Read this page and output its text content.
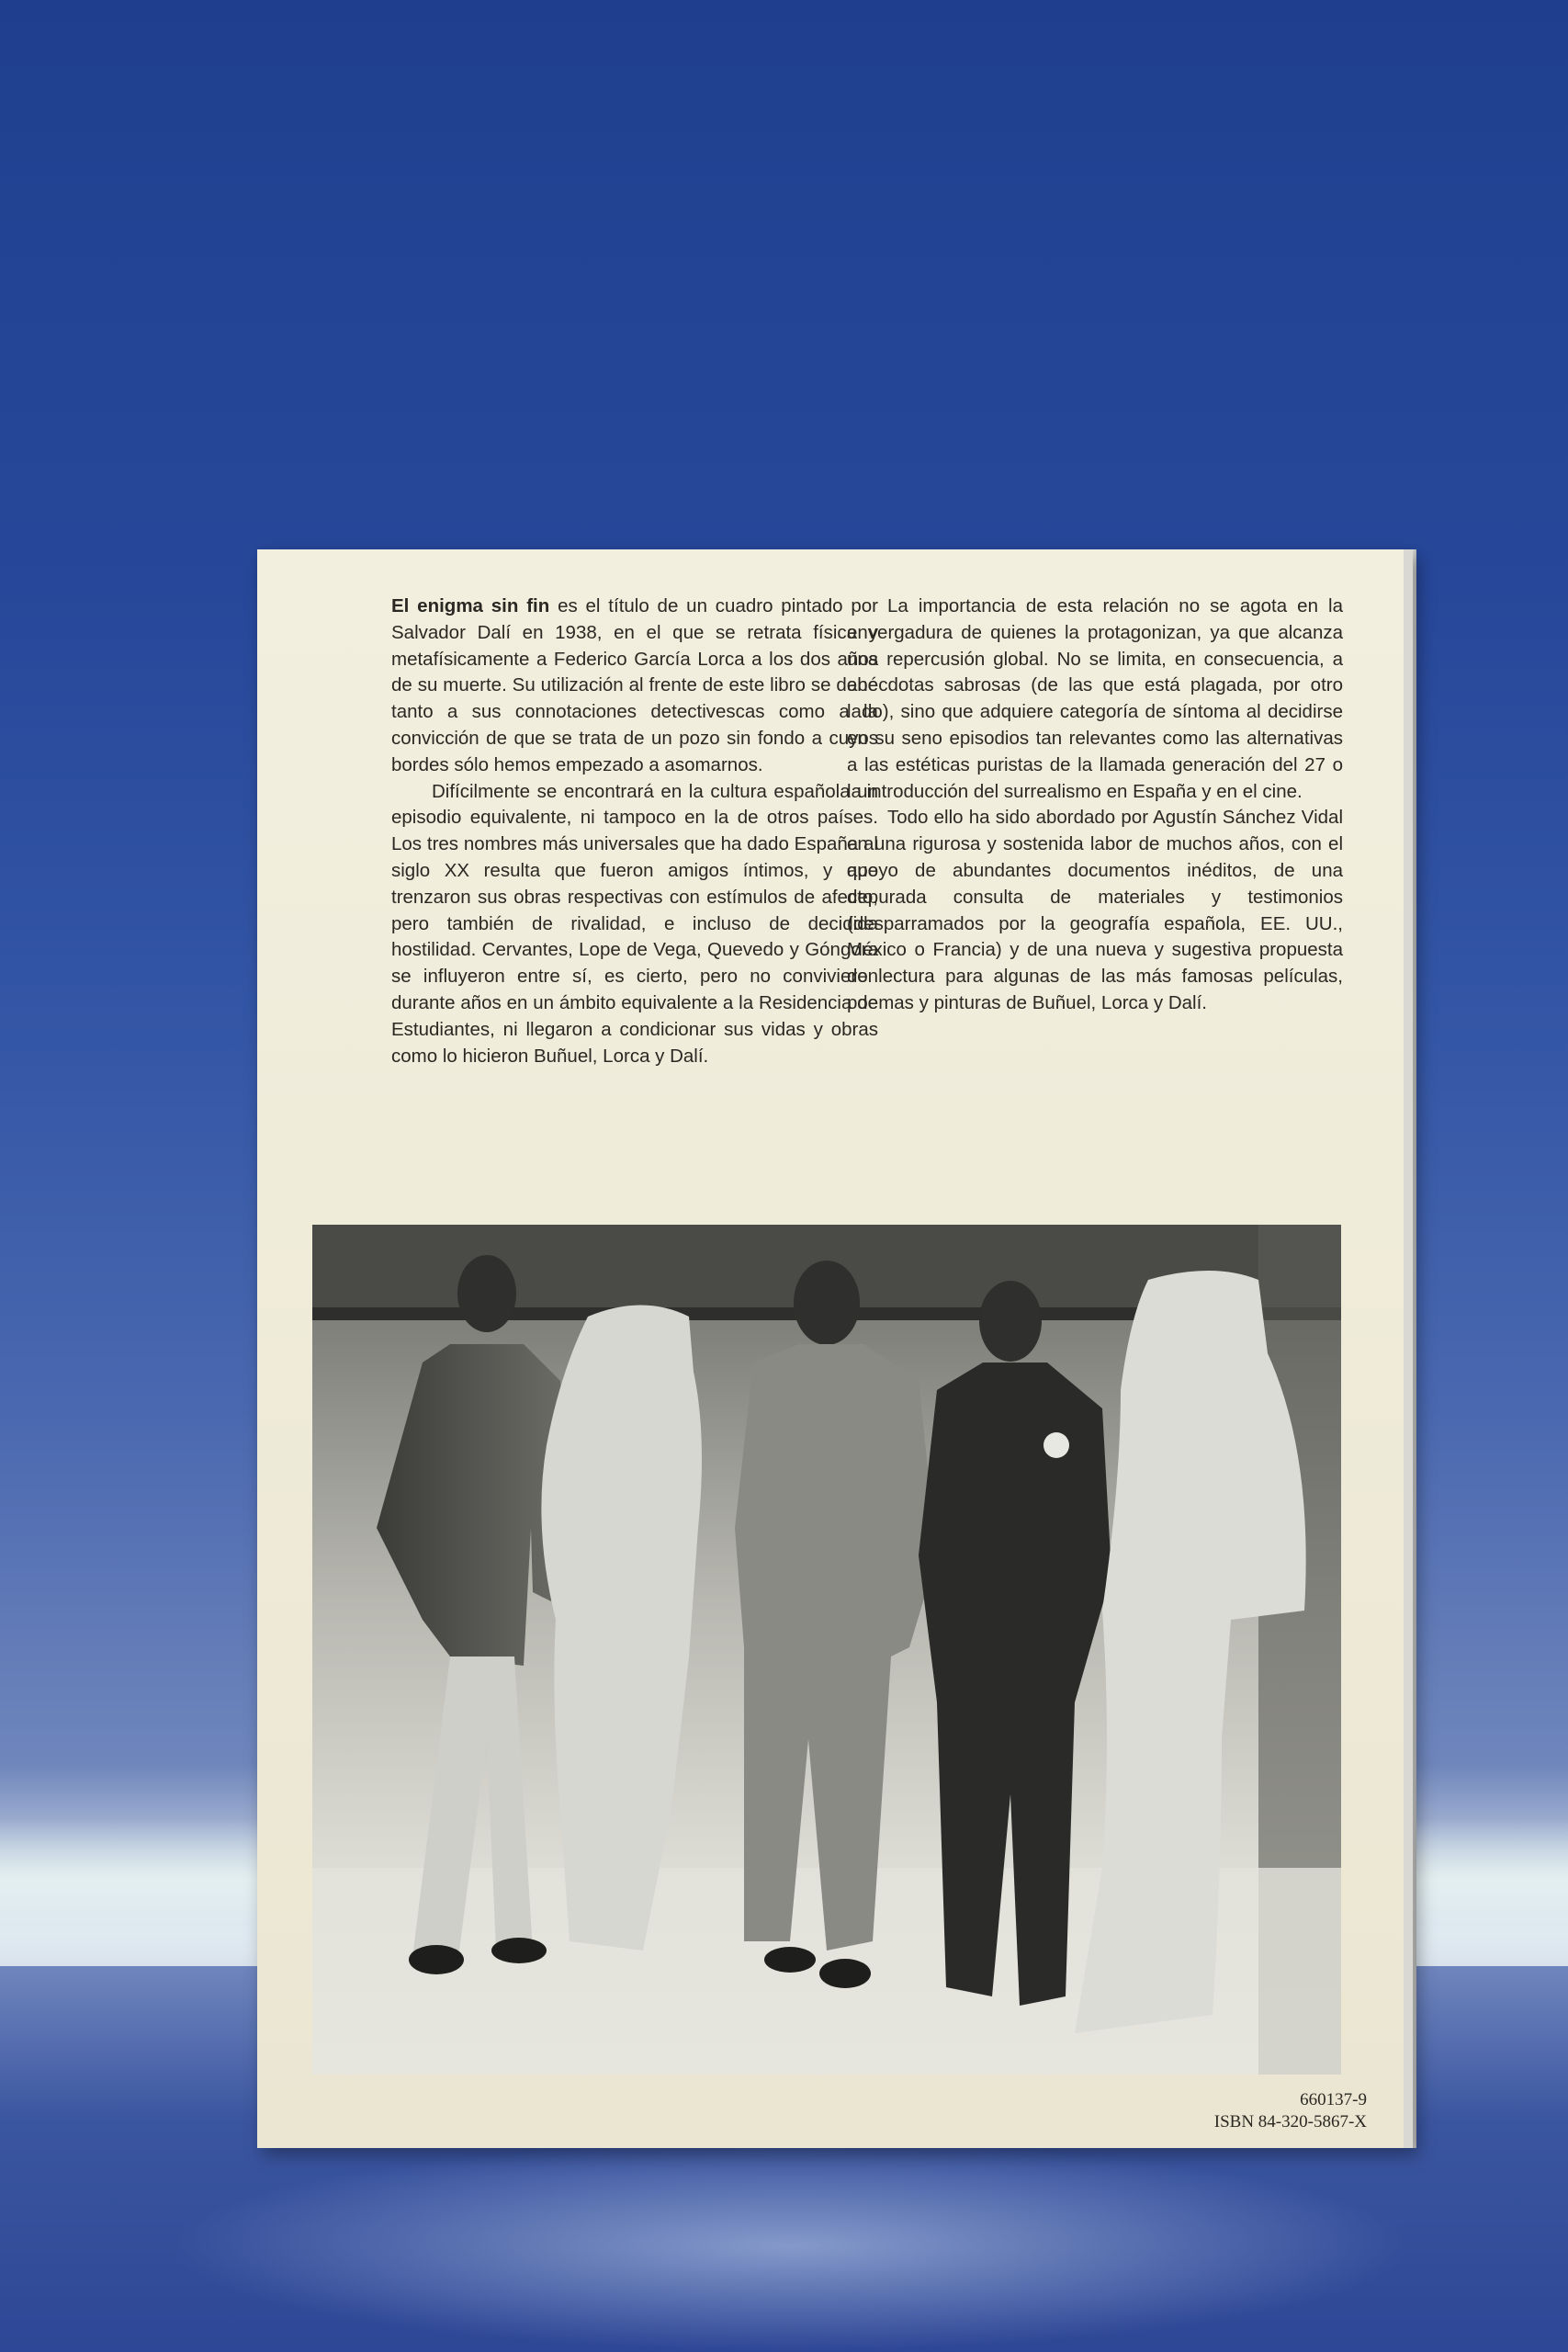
El enigma sin fin es el título de un cuadro pintado por Salvador Dalí en 1938, en el que se retrata física y metafísicamente a Federico García Lorca a los dos años de su muerte. Su utilización al frente de este libro se debe tanto a sus connotaciones detectivescas como a la convicción de que se trata de un pozo sin fondo a cuyos bordes sólo hemos empezado a asomarnos.

Difícilmente se encontrará en la cultura española un episodio equivalente, ni tampoco en la de otros países. Los tres nombres más universales que ha dado España al siglo XX resulta que fueron amigos íntimos, y que trenzaron sus obras respectivas con estímulos de afecto, pero también de rivalidad, e incluso de decidida hostilidad. Cervantes, Lope de Vega, Quevedo y Góngora se influyeron entre sí, es cierto, pero no convivieron durante años en un ámbito equivalente a la Residencia de Estudiantes, ni llegaron a condicionar sus vidas y obras como lo hicieron Buñuel, Lorca y Dalí.

La importancia de esta relación no se agota en la envergadura de quienes la protagonizan, ya que alcanza una repercusión global. No se limita, en consecuencia, a anécdotas sabrosas (de las que está plagada, por otro lado), sino que adquiere categoría de síntoma al decidirse en su seno episodios tan relevantes como las alternativas a las estéticas puristas de la llamada generación del 27 o la introducción del surrealismo en España y en el cine.

Todo ello ha sido abordado por Agustín Sánchez Vidal en una rigurosa y sostenida labor de muchos años, con el apoyo de abundantes documentos inéditos, de una depurada consulta de materiales y testimonios (desparramados por la geografía española, EE. UU., México o Francia) y de una nueva y sugestiva propuesta de lectura para algunas de las más famosas películas, poemas y pinturas de Buñuel, Lorca y Dalí.

660137-9
ISBN 84-320-5867-X
